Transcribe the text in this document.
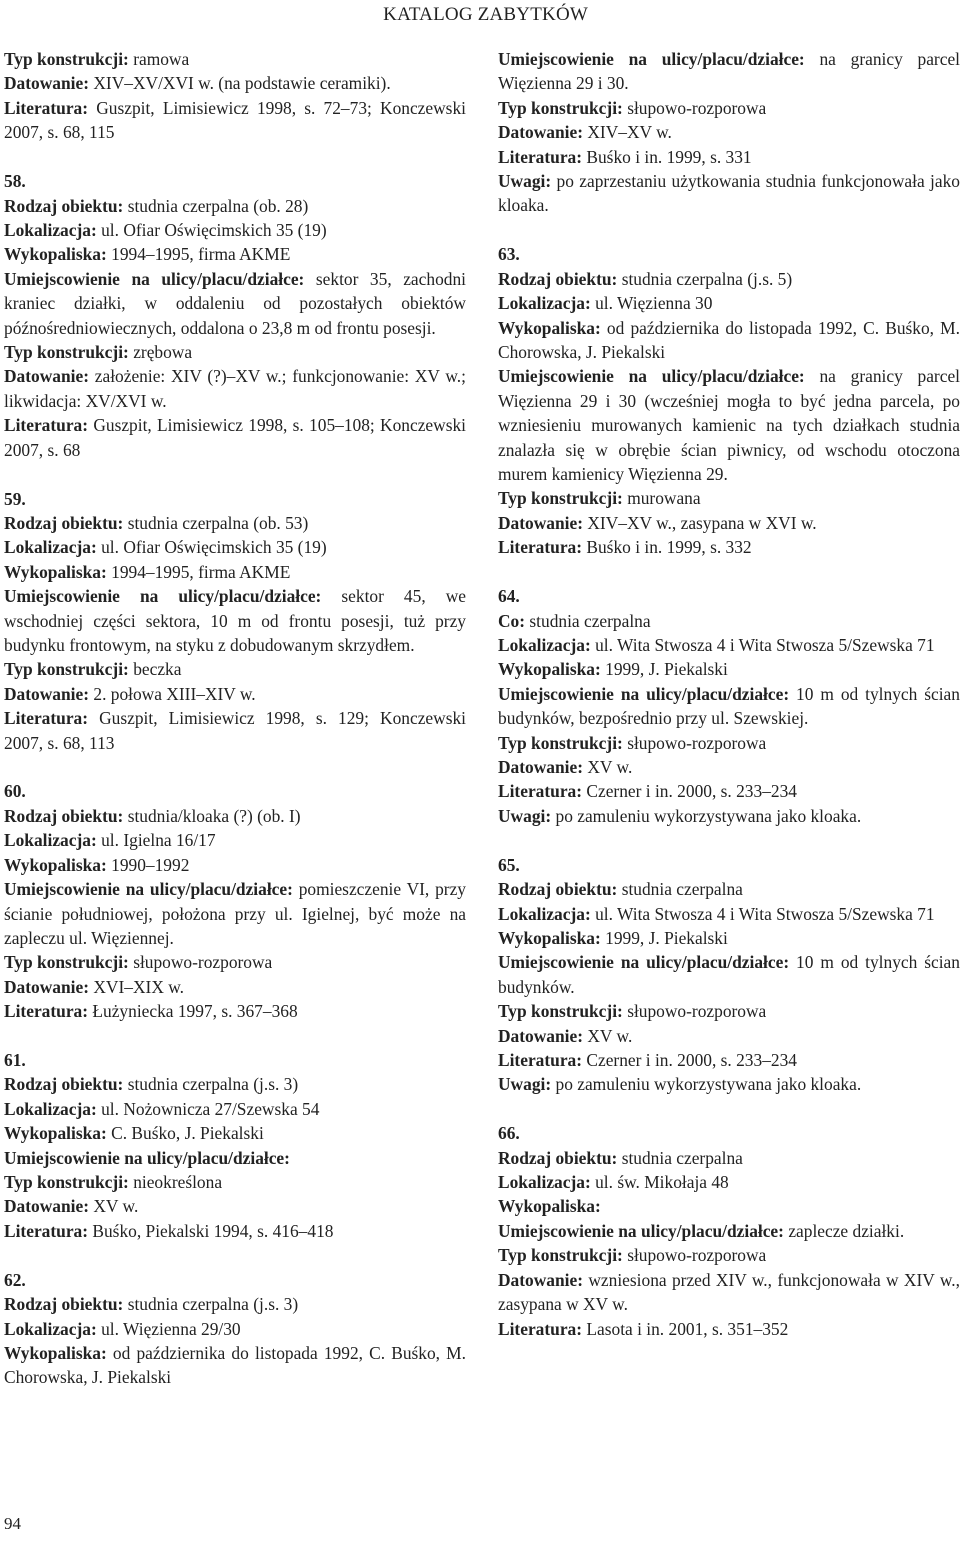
KATALOG ZABYTKÓW
Typ konstrukcji: ramowa
Datowanie: XIV–XV/XVI w. (na podstawie ceramiki).
Literatura: Guszpit, Limisiewicz 1998, s. 72–73; Konczewski 2007, s. 68, 115
58.
Rodzaj obiektu: studnia czerpalna (ob. 28)
Lokalizacja: ul. Ofiar Oświęcimskich 35 (19)
Wykopaliska: 1994–1995, firma AKME
Umiejscowienie na ulicy/placu/działce: sektor 35, zachodni kraniec działki, w oddaleniu od pozostałych obiektów późnośredniowiecznych, oddalona o 23,8 m od frontu posesji.
Typ konstrukcji: zrębowa
Datowanie: założenie: XIV (?)–XV w.; funkcjonowanie: XV w.; likwidacja: XV/XVI w.
Literatura: Guszpit, Limisiewicz 1998, s. 105–108; Konczewski 2007, s. 68
59.
Rodzaj obiektu: studnia czerpalna (ob. 53)
Lokalizacja: ul. Ofiar Oświęcimskich 35 (19)
Wykopaliska: 1994–1995, firma AKME
Umiejscowienie na ulicy/placu/działce: sektor 45, we wschodniej części sektora, 10 m od frontu posesji, tuż przy budynku frontowym, na styku z dobudowanym skrzydłem.
Typ konstrukcji: beczka
Datowanie: 2. połowa XIII–XIV w.
Literatura: Guszpit, Limisiewicz 1998, s. 129; Konczewski 2007, s. 68, 113
60.
Rodzaj obiektu: studnia/kloaka (?) (ob. I)
Lokalizacja: ul. Igielna 16/17
Wykopaliska: 1990–1992
Umiejscowienie na ulicy/placu/działce: pomieszczenie VI, przy ścianie południowej, położona przy ul. Igielnej, być może na zapleczu ul. Więziennej.
Typ konstrukcji: słupowo-rozporowa
Datowanie: XVI–XIX w.
Literatura: Łużyniecka 1997, s. 367–368
61.
Rodzaj obiektu: studnia czerpalna (j.s. 3)
Lokalizacja: ul. Nożownicza 27/Szewska 54
Wykopaliska: C. Buśko, J. Piekalski
Umiejscowienie na ulicy/placu/działce:
Typ konstrukcji: nieokreślona
Datowanie: XV w.
Literatura: Buśko, Piekalski 1994, s. 416–418
62.
Rodzaj obiektu: studnia czerpalna (j.s. 3)
Lokalizacja: ul. Więzienna 29/30
Wykopaliska: od października do listopada 1992, C. Buśko, M. Chorowska, J. Piekalski
Umiejscowienie na ulicy/placu/działce: na granicy parcel Więzienna 29 i 30.
Typ konstrukcji: słupowo-rozporowa
Datowanie: XIV–XV w.
Literatura: Buśko i in. 1999, s. 331
Uwagi: po zaprzestaniu użytkowania studnia funkcjonowała jako kloaka.
63.
Rodzaj obiektu: studnia czerpalna (j.s. 5)
Lokalizacja: ul. Więzienna 30
Wykopaliska: od października do listopada 1992, C. Buśko, M. Chorowska, J. Piekalski
Umiejscowienie na ulicy/placu/działce: na granicy parcel Więzienna 29 i 30 (wcześniej mogła to być jedna parcela, po wzniesieniu murowanych kamienic na tych działkach studnia znalazła się w obrębie ścian piwnicy, od wschodu otoczona murem kamienicy Więzienna 29.
Typ konstrukcji: murowana
Datowanie: XIV–XV w., zasypana w XVI w.
Literatura: Buśko i in. 1999, s. 332
64.
Co: studnia czerpalna
Lokalizacja: ul. Wita Stwosza 4 i Wita Stwosza 5/Szewska 71
Wykopaliska: 1999, J. Piekalski
Umiejscowienie na ulicy/placu/działce: 10 m od tylnych ścian budynków, bezpośrednio przy ul. Szewskiej.
Typ konstrukcji: słupowo-rozporowa
Datowanie: XV w.
Literatura: Czerner i in. 2000, s. 233–234
Uwagi: po zamuleniu wykorzystywana jako kloaka.
65.
Rodzaj obiektu: studnia czerpalna
Lokalizacja: ul. Wita Stwosza 4 i Wita Stwosza 5/Szewska 71
Wykopaliska: 1999, J. Piekalski
Umiejscowienie na ulicy/placu/działce: 10 m od tylnych ścian budynków.
Typ konstrukcji: słupowo-rozporowa
Datowanie: XV w.
Literatura: Czerner i in. 2000, s. 233–234
Uwagi: po zamuleniu wykorzystywana jako kloaka.
66.
Rodzaj obiektu: studnia czerpalna
Lokalizacja: ul. św. Mikołaja 48
Wykopaliska:
Umiejscowienie na ulicy/placu/działce: zaplecze działki.
Typ konstrukcji: słupowo-rozporowa
Datowanie: wzniesiona przed XIV w., funkcjonowała w XIV w., zasypana w XV w.
Literatura: Lasota i in. 2001, s. 351–352
94
